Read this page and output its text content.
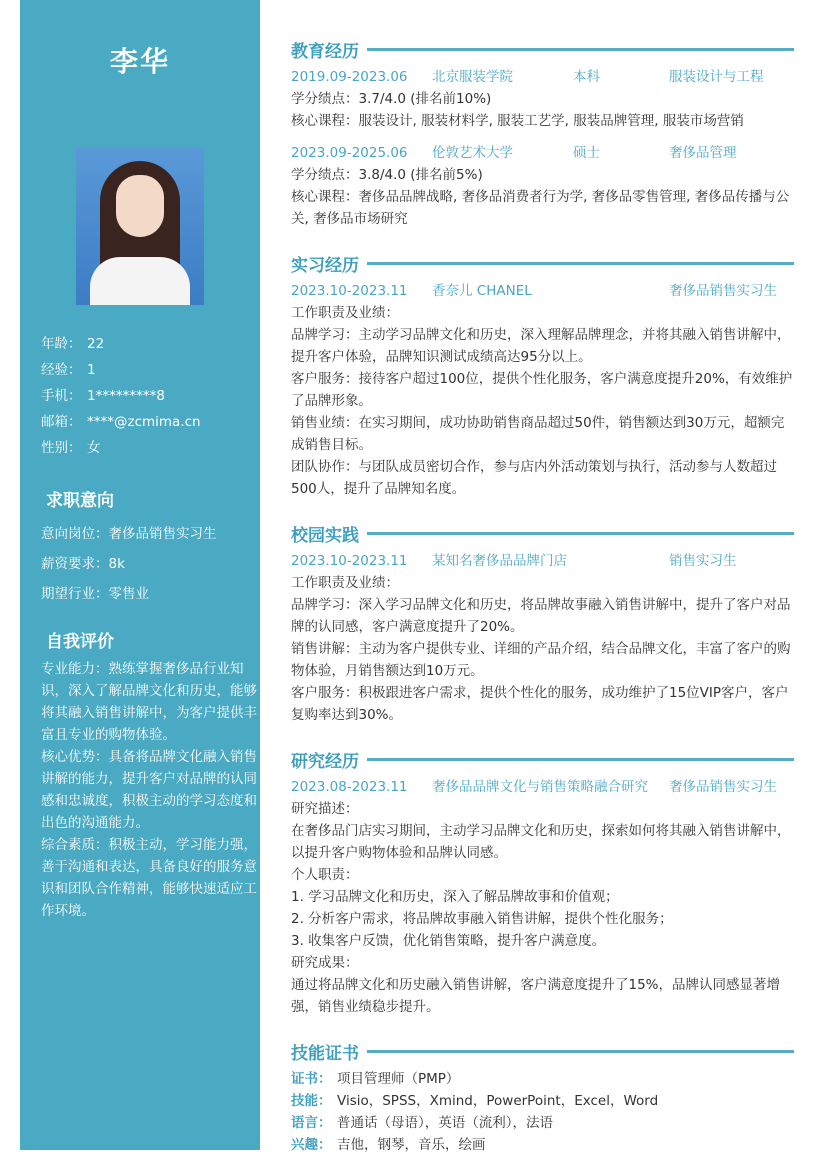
李华
年龄： 22
经验： 1
手机： 1*********8
邮箱： ****@zcmima.cn
性别： 女
求职意向
意向岗位：奢侈品销售实习生
薪资要求：8k
期望行业：零售业
自我评价
专业能力：熟练掌握奢侈品行业知识，深入了解品牌文化和历史，能够将其融入销售讲解中，为客户提供丰富且专业的购物体验。
核心优势：具备将品牌文化融入销售讲解的能力，提升客户对品牌的认同感和忠诚度，积极主动的学习态度和出色的沟通能力。
综合素质：积极主动，学习能力强，善于沟通和表达，具备良好的服务意识和团队合作精神，能够快速适应工作环境。
教育经历
2019.09-2023.06	北京服装学院	本科	服装设计与工程
学分绩点：3.7/4.0 (排名前10%)
核心课程：服装设计, 服装材料学, 服装工艺学, 服装品牌管理, 服装市场营销
2023.09-2025.06	伦敦艺术大学	硕士	奢侈品管理
学分绩点：3.8/4.0 (排名前5%)
核心课程：奢侈品品牌战略, 奢侈品消费者行为学, 奢侈品零售管理, 奢侈品传播与公关, 奢侈品市场研究
实习经历
2023.10-2023.11	香奈儿 CHANEL	奢侈品销售实习生
工作职责及业绩：
品牌学习：主动学习品牌文化和历史，深入理解品牌理念，并将其融入销售讲解中，提升客户体验，品牌知识测试成绩高达95分以上。
客户服务：接待客户超过100位，提供个性化服务，客户满意度提升20%，有效维护了品牌形象。
销售业绩：在实习期间，成功协助销售商品超过50件，销售额达到30万元，超额完成销售目标。
团队协作：与团队成员密切合作，参与店内外活动策划与执行，活动参与人数超过500人，提升了品牌知名度。
校园实践
2023.10-2023.11	某知名奢侈品品牌门店	销售实习生
工作职责及业绩：
品牌学习：深入学习品牌文化和历史，将品牌故事融入销售讲解中，提升了客户对品牌的认同感，客户满意度提升了20%。
销售讲解：主动为客户提供专业、详细的产品介绍，结合品牌文化，丰富了客户的购物体验，月销售额达到10万元。
客户服务：积极跟进客户需求，提供个性化的服务，成功维护了15位VIP客户，客户复购率达到30%。
研究经历
2023.08-2023.11	奢侈品品牌文化与销售策略融合研究 奢侈品销售实习生
研究描述：
在奢侈品门店实习期间，主动学习品牌文化和历史，探索如何将其融入销售讲解中，以提升客户购物体验和品牌认同感。
个人职责：
1. 学习品牌文化和历史，深入了解品牌故事和价值观；
2. 分析客户需求，将品牌故事融入销售讲解，提供个性化服务；
3. 收集客户反馈，优化销售策略，提升客户满意度。
研究成果：
通过将品牌文化和历史融入销售讲解，客户满意度提升了15%，品牌认同感显著增强，销售业绩稳步提升。
技能证书
证书： 项目管理师（PMP）
技能： Visio，SPSS，Xmind，PowerPoint，Excel，Word
语言： 普通话（母语），英语（流利），法语
兴趣： 吉他，钢琴，音乐，绘画
